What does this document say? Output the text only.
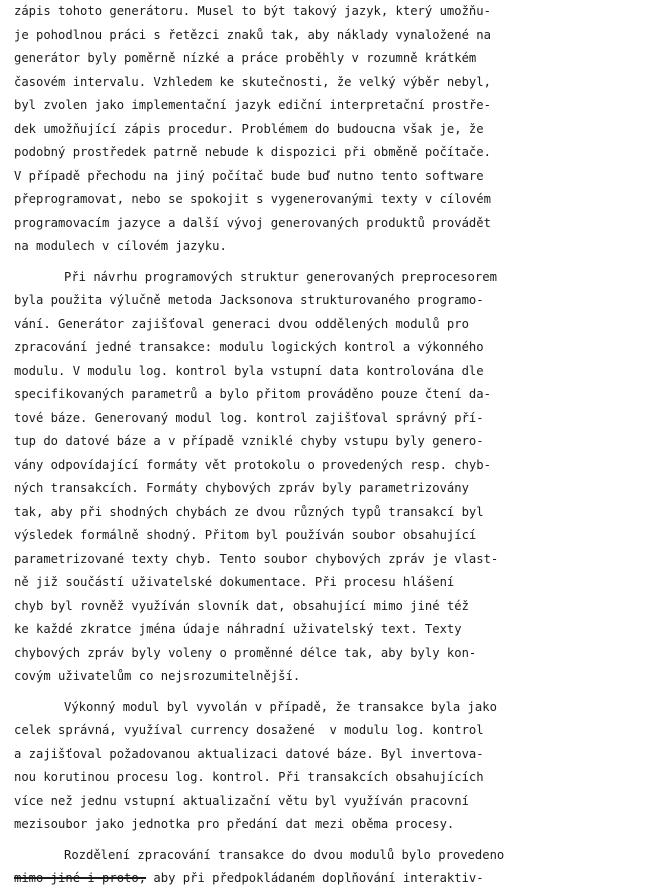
zápis tohoto generátoru. Musel to být takový jazyk, který umožňu-
je pohodlnou práci s řetězci znaků tak, aby náklady vynaložené na
generátor byly poměrně nízké a práce proběhly v rozumně krátkém
časovém intervalu. Vzhledem ke skutečnosti, že velký výběr nebyl,
byl zvolen jako implementační jazyk ediční interpretační prostře-
dek umožňující zápis procedur. Problémem do budoucna však je, že
podobný prostředek patrně nebude k dispozici při obměně počítače.
V případě přechodu na jiný počítač bude buď nutno tento software
přeprogramovat, nebo se spokojit s vygenerovanými texty v cílovém
programovacím jazyce a další vývoj generovaných produktů provádět
na modulech v cílovém jazyku.
Při návrhu programových struktur generovaných preprocesorem
byla použita výlučně metoda Jacksonova strukturovaného programo-
vání. Generátor zajišťoval generaci dvou oddělených modulů pro
zpracování jedné transakce: modulu logických kontrol a výkonného
modulu. V modulu log. kontrol byla vstupní data kontrolována dle
specifikovaných parametrů a bylo přitom prováděno pouze čtení da-
tové báze. Generovaný modul log. kontrol zajišťoval správný pří-
tup do datové báze a v případě vzniklé chyby vstupu byly genero-
vány odpovídající formáty vět protokolu o provedených resp. chyb-
ných transakcích. Formáty chybových zpráv byly parametrizovány
tak, aby při shodných chybách ze dvou různých typů transakcí byl
výsledek formálně shodný. Přitom byl používán soubor obsahující
parametrizované texty chyb. Tento soubor chybových zpráv je vlast-
ně již součástí uživatelské dokumentace. Při procesu hlášení
chyb byl rovněž využíván slovník dat, obsahující mimo jiné též
ke každé zkratce jména údaje náhradní uživatelský text. Texty
chybových zpráv byly voleny o proměnné délce tak, aby byly kon-
covým uživatelům co nejsrozumitelnější.
Výkonný modul byl vyvolán v případě, že transakce byla jako
celek správná, využíval currency dosažené  v modulu log. kontrol
a zajišťoval požadovanou aktualizaci datové báze. Byl invertova-
nou korutinou procesu log. kontrol. Při transakcích obsahujících
více než jednu vstupní aktualizační větu byl využíván pracovní
mezisoubor jako jednotka pro předání dat mezi oběma procesy.
Rozdělení zpracování transakce do dvou modulů bylo provedeno
mimo jiné i proto, aby při předpokládaném doplňování interaktiv-
